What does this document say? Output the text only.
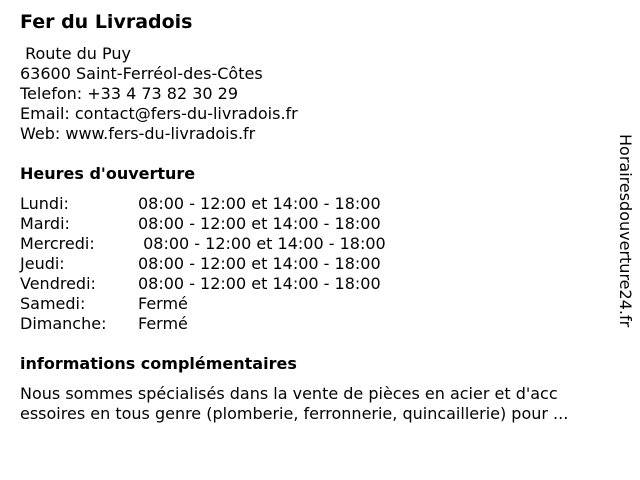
Fer du Livradois
Route du Puy
63600 Saint-Ferréol-des-Côtes
Telefon: +33 4 73 82 30 29
Email: contact@fers-du-livradois.fr
Web: www.fers-du-livradois.fr
Heures d'ouverture
Lundi:	08:00 - 12:00 et 14:00 - 18:00
Mardi:	08:00 - 12:00 et 14:00 - 18:00
Mercredi:	08:00 - 12:00 et 14:00 - 18:00
Jeudi:	08:00 - 12:00 et 14:00 - 18:00
Vendredi:	08:00 - 12:00 et 14:00 - 18:00
Samedi:	Fermé
Dimanche:	Fermé
informations complémentaires
Nous sommes spécialisés dans la vente de pièces en acier et d'acc
essoires en tous genre (plomberie, ferronnerie, quincaillerie) pour ...
Horairesdouverture24.fr
